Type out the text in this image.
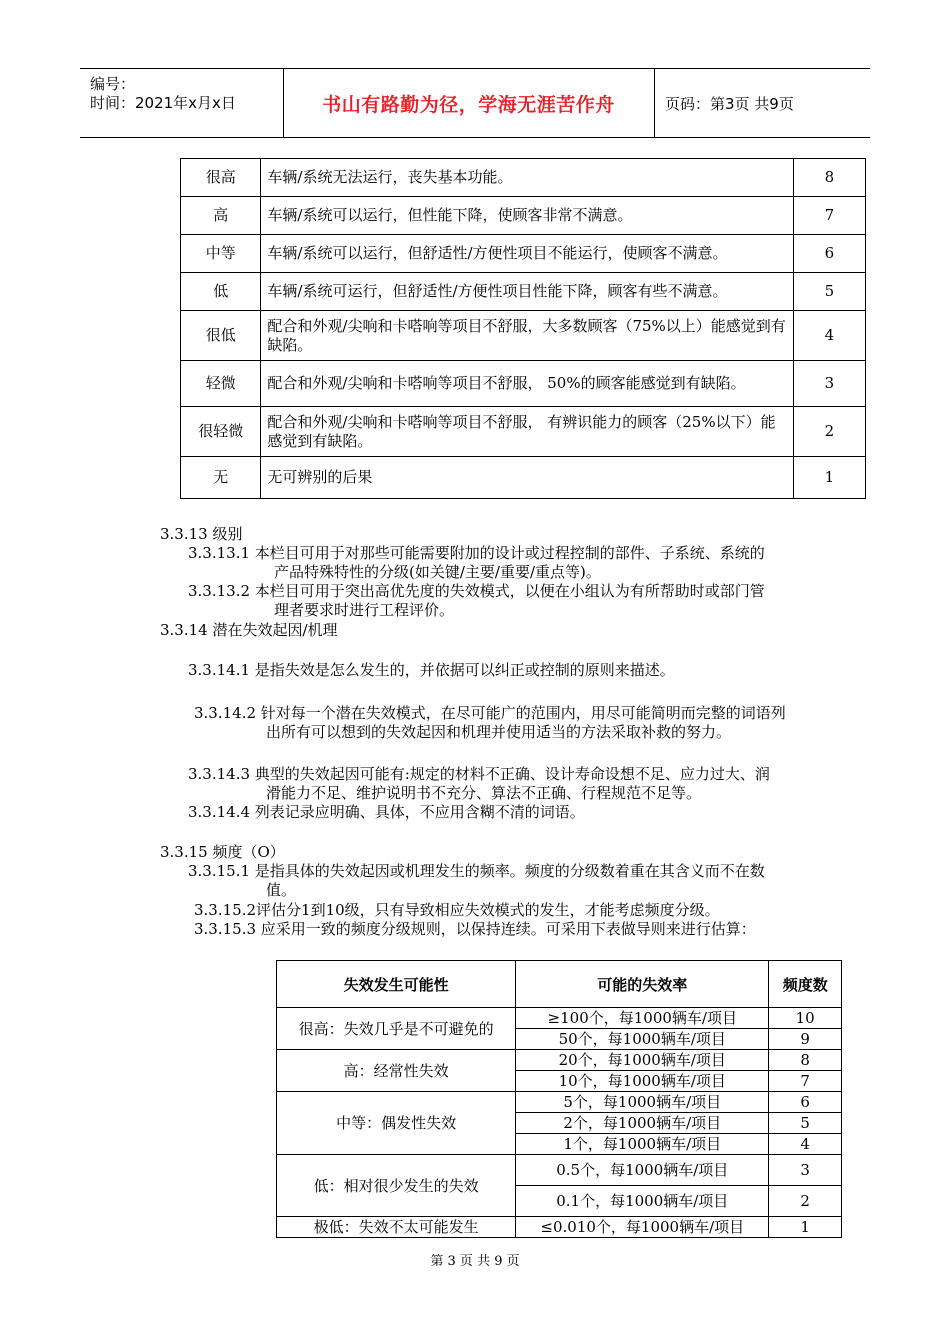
编号：
时间：2021年x月x日	书山有路勤为径，学海无涯苦作舟	页码：第3页 共9页
很高	车辆/系统无法运行，丧失基本功能。	8
高	车辆/系统可以运行，但性能下降，使顾客非常不满意。	7
中等	车辆/系统可以运行，但舒适性/方便性项目不能运行，使顾客不满意。	6
低	车辆/系统可运行，但舒适性/方便性项目性能下降，顾客有些不满意。	5
很低	配合和外观/尖响和卡嗒响等项目不舒服，大多数顾客（75%以上）能感觉到有缺陷。	4
轻微	配合和外观/尖响和卡嗒响等项目不舒服， 50%的顾客能感觉到有缺陷。	3
很轻微	配合和外观/尖响和卡嗒响等项目不舒服， 有辨识能力的顾客（25%以下）能感觉到有缺陷。	2
无	无可辨别的后果	1
3.3.13 级别
3.3.13.1 本栏目可用于对那些可能需要附加的设计或过程控制的部件、子系统、系统的
产品特殊特性的分级(如关键/主要/重要/重点等)。
3.3.13.2 本栏目可用于突出高优先度的失效模式，以便在小组认为有所帮助时或部门管
理者要求时进行工程评价。
3.3.14 潜在失效起因/机理
3.3.14.1 是指失效是怎么发生的，并依据可以纠正或控制的原则来描述。
3.3.14.2 针对每一个潜在失效模式，在尽可能广的范围内，用尽可能简明而完整的词语列
出所有可以想到的失效起因和机理并使用适当的方法采取补救的努力。
3.3.14.3 典型的失效起因可能有:规定的材料不正确、设计寿命设想不足、应力过大、润
滑能力不足、维护说明书不充分、算法不正确、行程规范不足等。
3.3.14.4 列表记录应明确、具体，不应用含糊不清的词语。
3.3.15 频度（O）
3.3.15.1 是指具体的失效起因或机理发生的频率。频度的分级数着重在其含义而不在数
值。
3.3.15.2评估分1到10级，只有导致相应失效模式的发生，才能考虑频度分级。
3.3.15.3 应采用一致的频度分级规则，以保持连续。可采用下表做导则来进行估算：
失效发生可能性	可能的失效率	频度数
很高：失效几乎是不可避免的	≥100个，每1000辆车/项目	10
	50个，每1000辆车/项目	9
高：经常性失效	20个，每1000辆车/项目	8
	10个，每1000辆车/项目	7
中等：偶发性失效	5个，每1000辆车/项目	6
	2个，每1000辆车/项目	5
	1个，每1000辆车/项目	4
低：相对很少发生的失效	0.5个，每1000辆车/项目	3
	0.1个，每1000辆车/项目	2
极低：失效不太可能发生	≤0.010个，每1000辆车/项目	1
第 3 页 共 9 页
